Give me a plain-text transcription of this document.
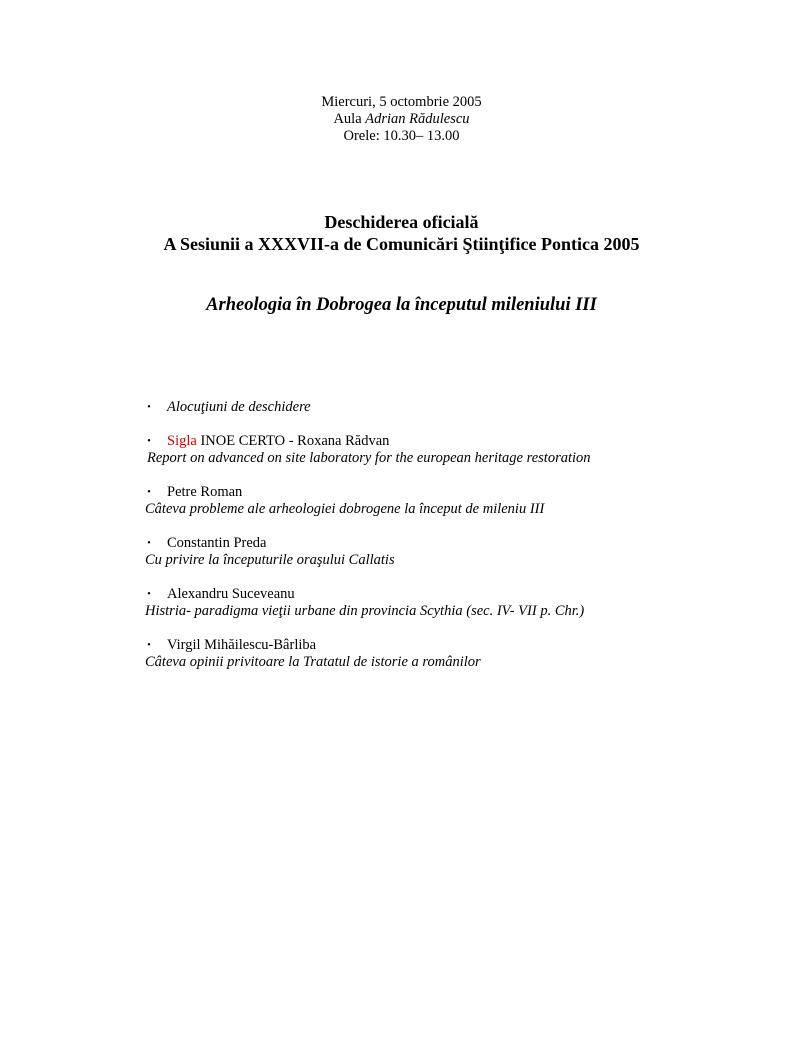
Miercuri, 5 octombrie 2005
Aula Adrian Rădulescu
Orele: 10.30– 13.00
Deschiderea oficială
A Sesiunii a XXXVII-a de Comunicări Ştiinţifice Pontica 2005
Arheologia în Dobrogea la începutul mileniului III
• Alocuţiuni de deschidere
• Sigla INOE CERTO - Roxana Rădvan
Report on advanced on site laboratory for the european heritage restoration
• Petre Roman
Câteva probleme ale arheologiei dobrogene la început de mileniu III
• Constantin Preda
Cu privire la începuturile oraşului Callatis
• Alexandru Suceveanu
Histria- paradigma vieţii urbane din provincia Scythia (sec. IV- VII p. Chr.)
• Virgil Mihăilescu-Bârliba
Câteva opinii privitoare la Tratatul de istorie a românilor
